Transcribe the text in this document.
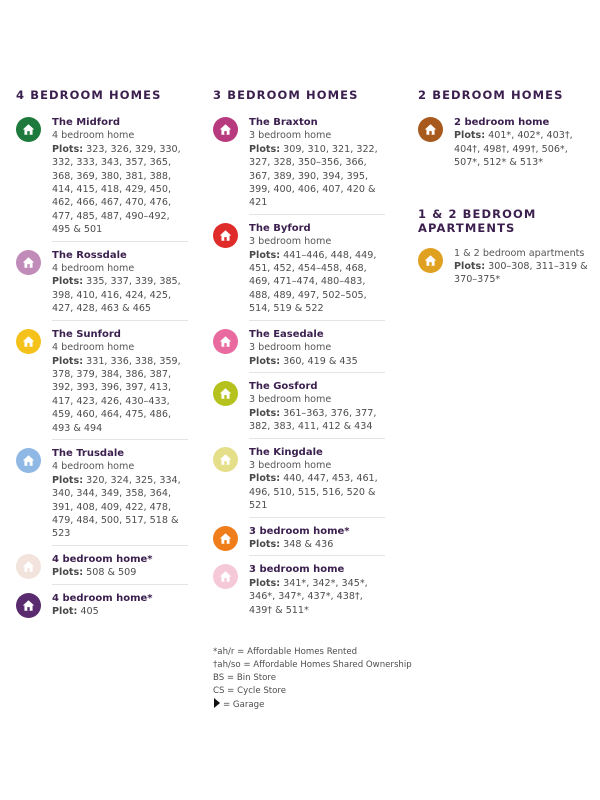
4 BEDROOM HOMES
The Midford
4 bedroom home
Plots: 323, 326, 329, 330, 332, 333, 343, 357, 365, 368, 369, 380, 381, 388, 414, 415, 418, 429, 450, 462, 466, 467, 470, 476, 477, 485, 487, 490–492, 495 & 501
The Rossdale
4 bedroom home
Plots: 335, 337, 339, 385, 398, 410, 416, 424, 425, 427, 428, 463 & 465
The Sunford
4 bedroom home
Plots: 331, 336, 338, 359, 378, 379, 384, 386, 387, 392, 393, 396, 397, 413, 417, 423, 426, 430–433, 459, 460, 464, 475, 486, 493 & 494
The Trusdale
4 bedroom home
Plots: 320, 324, 325, 334, 340, 344, 349, 358, 364, 391, 408, 409, 422, 478, 479, 484, 500, 517, 518 & 523
4 bedroom home*
Plots: 508 & 509
4 bedroom home*
Plot: 405
3 BEDROOM HOMES
The Braxton
3 bedroom home
Plots: 309, 310, 321, 322, 327, 328, 350–356, 366, 367, 389, 390, 394, 395, 399, 400, 406, 407, 420 & 421
The Byford
3 bedroom home
Plots: 441–446, 448, 449, 451, 452, 454–458, 468, 469, 471–474, 480–483, 488, 489, 497, 502–505, 514, 519 & 522
The Easedale
3 bedroom home
Plots: 360, 419 & 435
The Gosford
3 bedroom home
Plots: 361–363, 376, 377, 382, 383, 411, 412 & 434
The Kingdale
3 bedroom home
Plots: 440, 447, 453, 461, 496, 510, 515, 516, 520 & 521
3 bedroom home*
Plots: 348 & 436
3 bedroom home
Plots: 341*, 342*, 345*, 346*, 347*, 437*, 438†, 439† & 511*
2 BEDROOM HOMES
2 bedroom home
Plots: 401*, 402*, 403†, 404†, 498†, 499†, 506*, 507*, 512* & 513*
1 & 2 BEDROOM
APARTMENTS
1 & 2 bedroom apartments
Plots: 300–308, 311–319 & 370–375*
*ah/r = Affordable Homes Rented
†ah/so = Affordable Homes Shared Ownership
BS = Bin Store
CS = Cycle Store
= Garage
